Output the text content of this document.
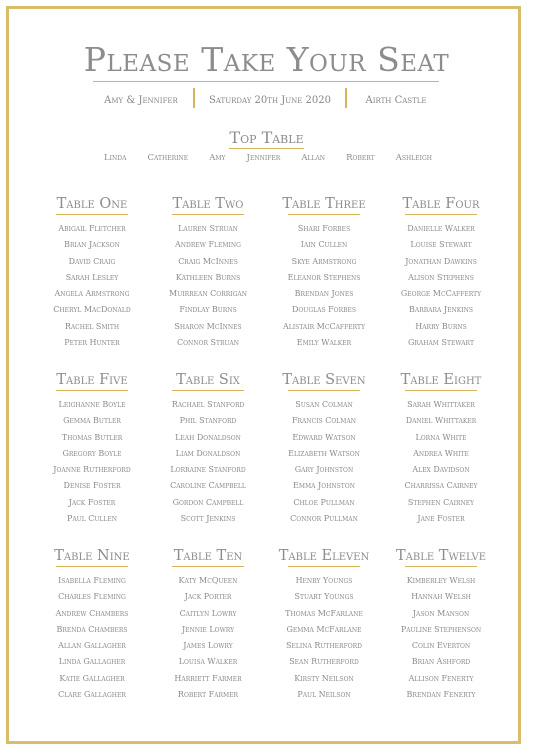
Please Take Your Seat
Amy & Jennifer	Saturday 20th June 2020	Airth Castle
Top Table
Linda Catherine Amy Jennifer Allan Robert Ashleigh
Table One
Abigail Fletcher
Brian Jackson
David Craig
Sarah Lesley
Angela Armstrong
Cheryl MacDonald
Rachel Smith
Peter Hunter
Table Two
Lauren Struan
Andrew Fleming
Craig McInnes
Kathleen Burns
Muirrean Corrigan
Findlay Burns
Sharon McInnes
Connor Struan
Table Three
Shari Forbes
Iain Cullen
Skye Armstrong
Eleanor Stephens
Brendan Jones
Douglas Forbes
Alistair McCafferty
Emily Walker
Table Four
Danielle Walker
Louise Stewart
Jonathan Dawkins
Alison Stephens
George McCafferty
Barbara Jenkins
Harry Burns
Graham Stewart
Table Five
Leighanne Boyle
Gemma Butler
Thomas Butler
Gregory Boyle
Joanne Rutherford
Denise Foster
Jack Foster
Paul Cullen
Table Six
Rachael Stanford
Phil Stanford
Leah Donaldson
Liam Donaldson
Lorraine Stanford
Caroline Campbell
Gordon Campbell
Scott Jenkins
Table Seven
Susan Colman
Francis Colman
Edward Watson
Elizabeth Watson
Gary Johnston
Emma Johnston
Chloe Pullman
Connor Pullman
Table Eight
Sarah Whittaker
Daniel Whittaker
Lorna White
Andrea White
Alex Davidson
Charrissa Cairney
Stephen Cairney
Jane Foster
Table Nine
Isabella Fleming
Charles Fleming
Andrew Chambers
Brenda Chambers
Allan Gallagher
Linda Gallagher
Katie Gallagher
Clare Gallagher
Table Ten
Katy McQueen
Jack Porter
Caitlyn Lowry
Jennie Lowry
James Lowry
Louisa Walker
Harriett Farmer
Robert Farmer
Table Eleven
Henry Youngs
Stuart Youngs
Thomas McFarlane
Gemma McFarlane
Selina Rutherford
Sean Rutherford
Kirsty Neilson
Paul Neilson
Table Twelve
Kimberley Welsh
Hannah Welsh
Jason Manson
Pauline Stephenson
Colin Everton
Brian Ashford
Allison Fenerty
Brendan Fenerty
